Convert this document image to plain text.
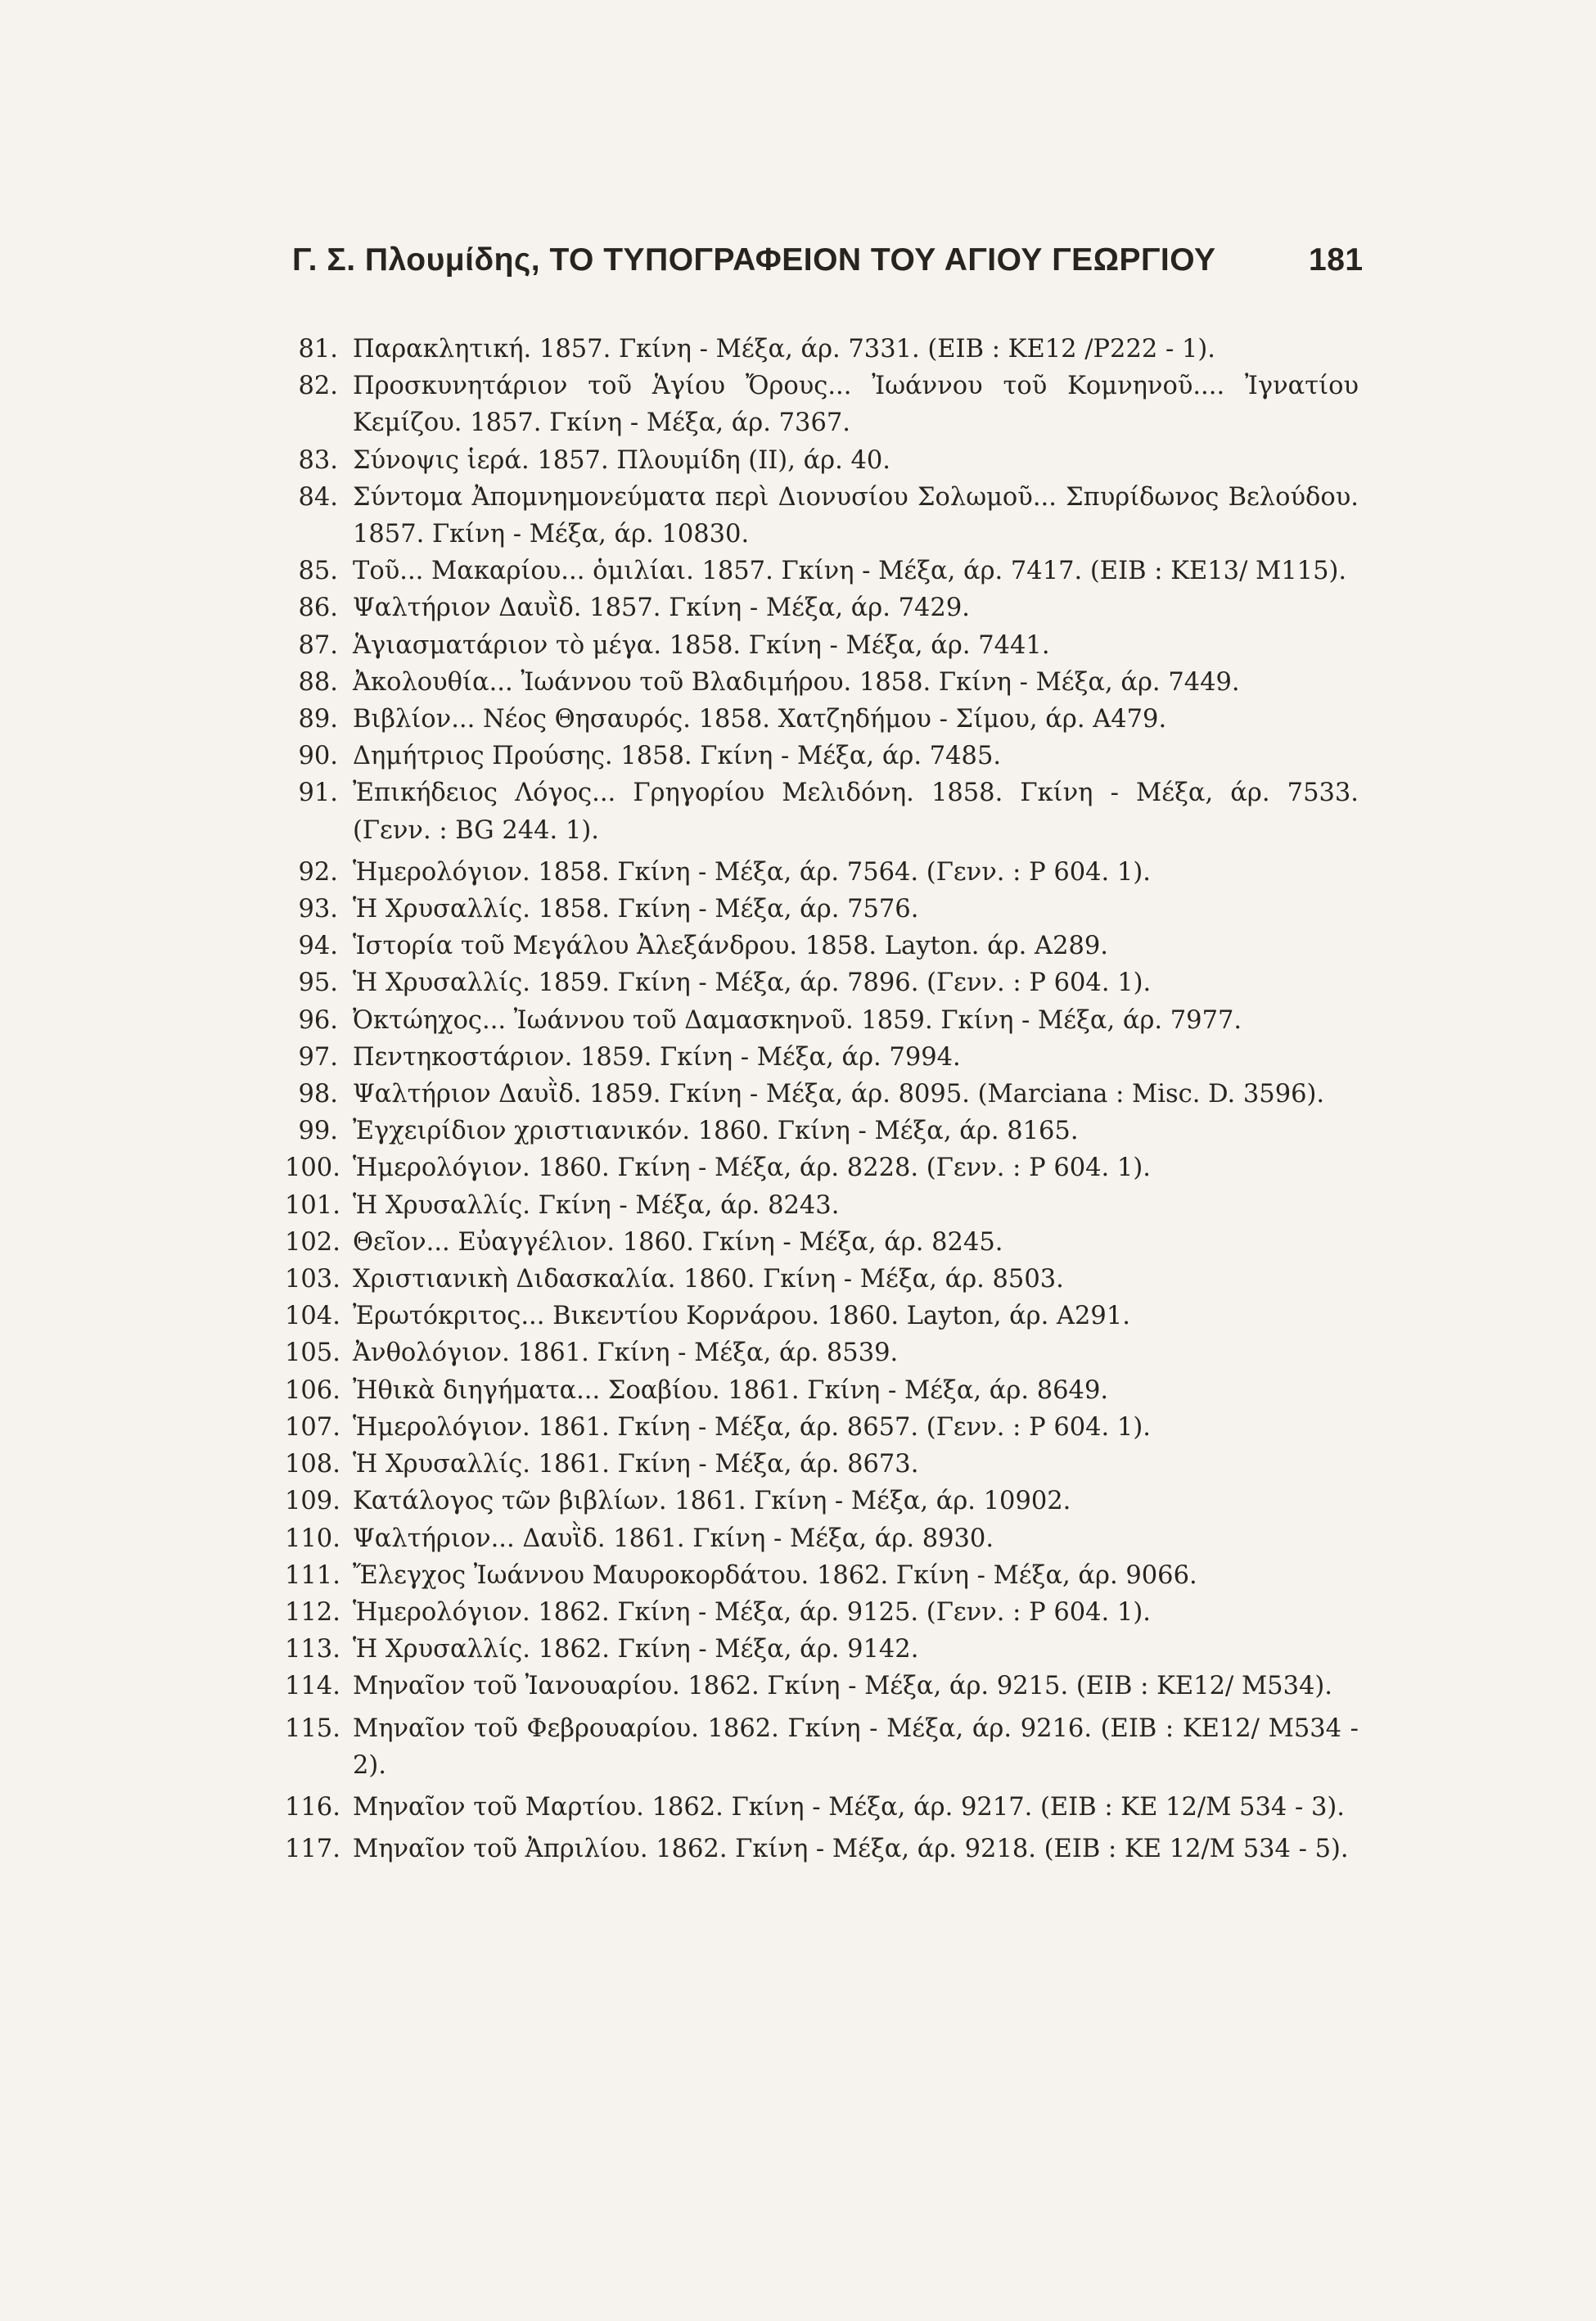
Γ. Σ. Πλουμίδης, ΤΟ ΤΥΠΟΓΡΑΦΕΙΟΝ ΤΟΥ ΑΓΙΟΥ ΓΕΩΡΓΙΟΥ	181
81. Παρακλητική. 1857. Γκίνη - Μέξα, άρ. 7331. (ΕΙΒ : ΚΕ12 /Ρ222 - 1).
82. Προσκυνητάριον τοῦ Ἁγίου Ὄρους... Ἰωάννου τοῦ Κομνηνοῦ.... Ἰγνατίου Κεμίζου. 1857. Γκίνη - Μέξα, άρ. 7367.
83. Σύνοψις ἱερά. 1857. Πλουμίδη (ΙΙ), άρ. 40.
84. Σύντομα Ἀπομνημονεύματα περὶ Διονυσίου Σολωμοῦ... Σπυρίδωνος Βελούδου. 1857. Γκίνη - Μέξα, άρ. 10830.
85. Τοῦ... Μακαρίου... ὁμιλίαι. 1857. Γκίνη - Μέξα, άρ. 7417. (ΕΙΒ : ΚΕ13/ Μ115).
86. Ψαλτήριον Δαυῒδ. 1857. Γκίνη - Μέξα, άρ. 7429.
87. Ἁγιασματάριον τὸ μέγα. 1858. Γκίνη - Μέξα, άρ. 7441.
88. Ἀκολουθία... Ἰωάννου τοῦ Βλαδιμήρου. 1858. Γκίνη - Μέξα, άρ. 7449.
89. Βιβλίον... Νέος Θησαυρός. 1858. Χατζηδήμου - Σίμου, άρ. Α479.
90. Δημήτριος Προύσης. 1858. Γκίνη - Μέξα, άρ. 7485.
91. Ἐπικήδειος Λόγος... Γρηγορίου Μελιδόνη. 1858. Γκίνη - Μέξα, άρ. 7533. (Γενν. : BG 244. 1).
92. Ἡμερολόγιον. 1858. Γκίνη - Μέξα, άρ. 7564. (Γενν. : Ρ 604. 1).
93. Ἡ Χρυσαλλίς. 1858. Γκίνη - Μέξα, άρ. 7576.
94. Ἱστορία τοῦ Μεγάλου Ἀλεξάνδρου. 1858. Layton. άρ. Α289.
95. Ἡ Χρυσαλλίς. 1859. Γκίνη - Μέξα, άρ. 7896. (Γενν. : Ρ 604. 1).
96. Ὀκτώηχος... Ἰωάννου τοῦ Δαμασκηνοῦ. 1859. Γκίνη - Μέξα, άρ. 7977.
97. Πεντηκοστάριον. 1859. Γκίνη - Μέξα, άρ. 7994.
98. Ψαλτήριον Δαυῒδ. 1859. Γκίνη - Μέξα, άρ. 8095. (Marciana : Misc. D. 3596).
99. Ἐγχειρίδιον χριστιανικόν. 1860. Γκίνη - Μέξα, άρ. 8165.
100. Ἡμερολόγιον. 1860. Γκίνη - Μέξα, άρ. 8228. (Γενν. : Ρ 604. 1).
101. Ἡ Χρυσαλλίς. Γκίνη - Μέξα, άρ. 8243.
102. Θεῖον... Εὐαγγέλιον. 1860. Γκίνη - Μέξα, άρ. 8245.
103. Χριστιανικὴ Διδασκαλία. 1860. Γκίνη - Μέξα, άρ. 8503.
104. Ἐρωτόκριτος... Βικεντίου Κορνάρου. 1860. Layton, άρ. Α291.
105. Ἀνθολόγιον. 1861. Γκίνη - Μέξα, άρ. 8539.
106. Ἠθικὰ διηγήματα... Σοαβίου. 1861. Γκίνη - Μέξα, άρ. 8649.
107. Ἡμερολόγιον. 1861. Γκίνη - Μέξα, άρ. 8657. (Γενν. : Ρ 604. 1).
108. Ἡ Χρυσαλλίς. 1861. Γκίνη - Μέξα, άρ. 8673.
109. Κατάλογος τῶν βιβλίων. 1861. Γκίνη - Μέξα, άρ. 10902.
110. Ψαλτήριον... Δαυῒδ. 1861. Γκίνη - Μέξα, άρ. 8930.
111. Ἔλεγχος Ἰωάννου Μαυροκορδάτου. 1862. Γκίνη - Μέξα, άρ. 9066.
112. Ἡμερολόγιον. 1862. Γκίνη - Μέξα, άρ. 9125. (Γενν. : Ρ 604. 1).
113. Ἡ Χρυσαλλίς. 1862. Γκίνη - Μέξα, άρ. 9142.
114. Μηναῖον τοῦ Ἰανουαρίου. 1862. Γκίνη - Μέξα, άρ. 9215. (ΕΙΒ : ΚΕ12/ Μ534).
115. Μηναῖον τοῦ Φεβρουαρίου. 1862. Γκίνη - Μέξα, άρ. 9216. (ΕΙΒ : ΚΕ12/ Μ534 - 2).
116. Μηναῖον τοῦ Μαρτίου. 1862. Γκίνη - Μέξα, άρ. 9217. (ΕΙΒ : ΚΕ 12/Μ 534 - 3).
117. Μηναῖον τοῦ Ἀπριλίου. 1862. Γκίνη - Μέξα, άρ. 9218. (ΕΙΒ : ΚΕ 12/Μ 534 - 5).
